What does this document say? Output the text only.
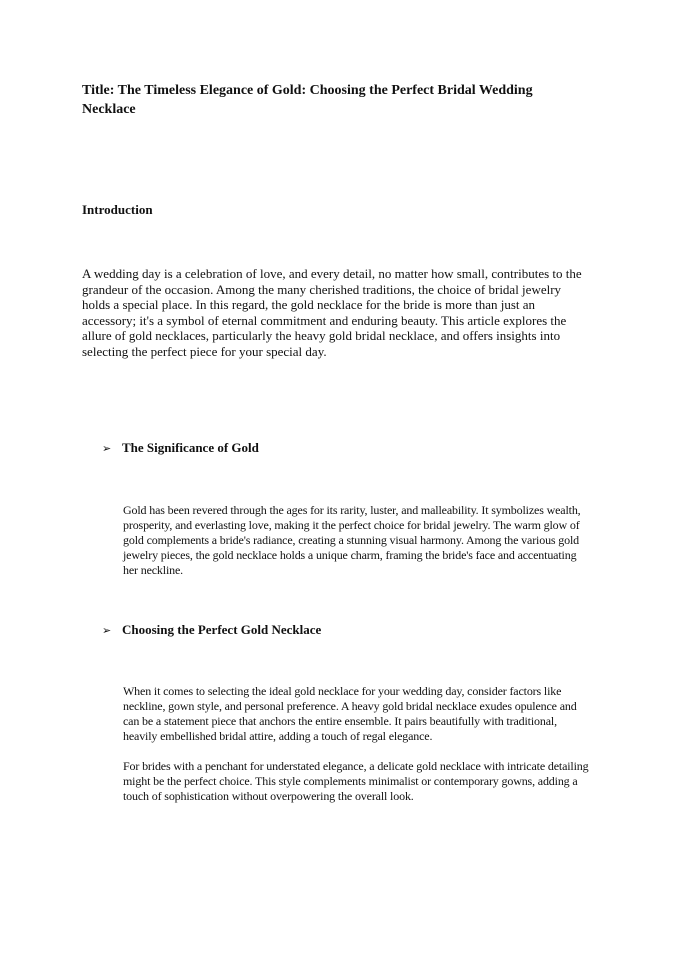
Title: The Timeless Elegance of Gold: Choosing the Perfect Bridal Wedding Necklace
Introduction

A wedding day is a celebration of love, and every detail, no matter how small, contributes to the grandeur of the occasion. Among the many cherished traditions, the choice of bridal jewelry holds a special place. In this regard, the gold necklace for the bride is more than just an accessory; it's a symbol of eternal commitment and enduring beauty. This article explores the allure of gold necklaces, particularly the heavy gold bridal necklace, and offers insights into selecting the perfect piece for your special day.

➢ The Significance of Gold

Gold has been revered through the ages for its rarity, luster, and malleability. It symbolizes wealth, prosperity, and everlasting love, making it the perfect choice for bridal jewelry. The warm glow of gold complements a bride's radiance, creating a stunning visual harmony. Among the various gold jewelry pieces, the gold necklace holds a unique charm, framing the bride's face and accentuating her neckline.

➢ Choosing the Perfect Gold Necklace

When it comes to selecting the ideal gold necklace for your wedding day, consider factors like neckline, gown style, and personal preference. A heavy gold bridal necklace exudes opulence and can be a statement piece that anchors the entire ensemble. It pairs beautifully with traditional, heavily embellished bridal attire, adding a touch of regal elegance.

For brides with a penchant for understated elegance, a delicate gold necklace with intricate detailing might be the perfect choice. This style complements minimalist or contemporary gowns, adding a touch of sophistication without overpowering the overall look.
